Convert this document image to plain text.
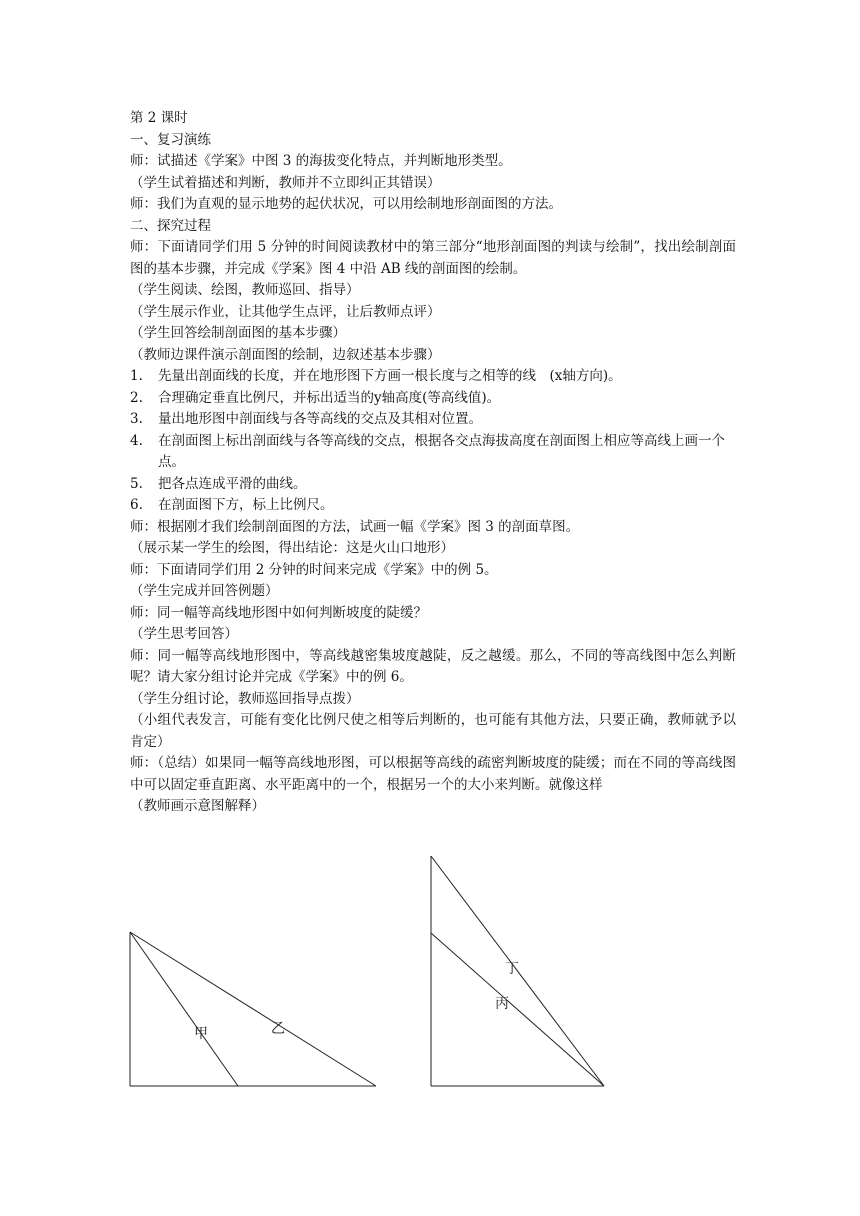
第 2 课时
一、复习演练
师：试描述《学案》中图 3 的海拔变化特点，并判断地形类型。
（学生试着描述和判断，教师并不立即纠正其错误）
师：我们为直观的显示地势的起伏状况，可以用绘制地形剖面图的方法。
二、探究过程
师：下面请同学们用 5 分钟的时间阅读教材中的第三部分“地形剖面图的判读与绘制”，找出绘制剖面图的基本步骤，并完成《学案》图 4 中沿 AB 线的剖面图的绘制。
（学生阅读、绘图，教师巡回、指导）
（学生展示作业，让其他学生点评，让后教师点评）
（学生回答绘制剖面图的基本步骤）
（教师边课件演示剖面图的绘制，边叙述基本步骤）
1. 先量出剖面线的长度，并在地形图下方画一根长度与之相等的线　(x轴方向)。
2. 合理确定垂直比例尺，并标出适当的y轴高度(等高线值)。
3. 量出地形图中剖面线与各等高线的交点及其相对位置。
4. 在剖面图上标出剖面线与各等高线的交点，根据各交点海拔高度在剖面图上相应等高线上画一个点。
5. 把各点连成平滑的曲线。
6. 在剖面图下方，标上比例尺。
师：根据刚才我们绘制剖面图的方法，试画一幅《学案》图 3 的剖面草图。
（展示某一学生的绘图，得出结论：这是火山口地形）
师：下面请同学们用 2 分钟的时间来完成《学案》中的例 5。
（学生完成并回答例题）
师：同一幅等高线地形图中如何判断坡度的陡缓？
（学生思考回答）
师：同一幅等高线地形图中，等高线越密集坡度越陡，反之越缓。那么，不同的等高线图中怎么判断呢？请大家分组讨论并完成《学案》中的例 6。
（学生分组讨论，教师巡回指导点拨）
（小组代表发言，可能有变化比例尺使之相等后判断的，也可能有其他方法，只要正确，教师就予以肯定）
师：（总结）如果同一幅等高线地形图，可以根据等高线的疏密判断坡度的陡缓；而在不同的等高线图中可以固定垂直距离、水平距离中的一个，根据另一个的大小来判断。就像这样
（教师画示意图解释）
甲	乙
丁
丙
